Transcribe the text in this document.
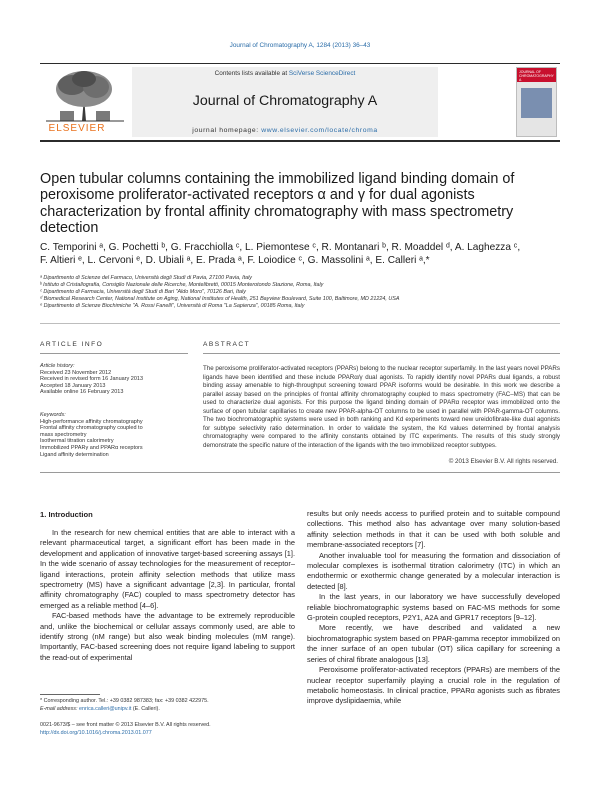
Journal of Chromatography A, 1284 (2013) 36–43
Contents lists available at SciVerse ScienceDirect
Journal of Chromatography A
journal homepage: www.elsevier.com/locate/chroma
ELSEVIER
JOURNAL OF CHROMATOGRAPHY A
Open tubular columns containing the immobilized ligand binding domain of peroxisome proliferator-activated receptors α and γ for dual agonists characterization by frontal affinity chromatography with mass spectrometry detection
C. Temporini ᵃ, G. Pochetti ᵇ, G. Fracchiolla ᶜ, L. Piemontese ᶜ, R. Montanari ᵇ, R. Moaddel ᵈ, A. Laghezza ᶜ,
F. Altieri ᵉ, L. Cervoni ᵉ, D. Ubiali ᵃ, E. Prada ᵃ, F. Loiodice ᶜ, G. Massolini ᵃ, E. Calleri ᵃ,*
ᵃ Dipartimento di Scienze del Farmaco, Università degli Studi di Pavia, 27100 Pavia, Italy
ᵇ Istituto di Cristallografia, Consiglio Nazionale delle Ricerche, Montelibretti, 00015 Monterotondo Stazione, Roma, Italy
ᶜ Dipartimento di Farmacia, Università degli Studi di Bari "Aldo Moro", 70126 Bari, Italy
ᵈ Biomedical Research Center, National Institute on Aging, National Institutes of Health, 251 Bayview Boulevard, Suite 100, Baltimore, MD 21224, USA
ᵉ Dipartimento di Scienze Biochimiche "A. Rossi Fanelli", Università di Roma "La Sapienza", 00185 Roma, Italy
ARTICLE INFO
Article history:
Received 23 November 2012
Received in revised form 16 January 2013
Accepted 18 January 2013
Available online 16 February 2013
Keywords:
High-performance affinity chromatography
Frontal affinity chromatography coupled to
mass spectrometry
Isothermal titration calorimetry
Immobilized PPARγ and PPARα receptors
Ligand affinity determination
ABSTRACT
The peroxisome proliferator-activated receptors (PPARs) belong to the nuclear receptor superfamily. In the last years novel PPARs ligands have been identified and these include PPARα/γ dual agonists. To rapidly identify novel PPARs dual ligands, a robust binding assay amenable to high-throughput screening toward PPAR isoforms would be desirable. In this work we describe a parallel assay based on the principles of frontal affinity chromatography coupled to mass spectrometry (FAC–MS) that can be used to characterize dual agonists. For this purpose the ligand binding domain of PPARα receptor was immobilized onto the surface of open tubular capillaries to create new PPAR-alpha-OT columns to be used in parallel with PPAR-gamma-OT columns. The two biochromatographic systems were used in both ranking and Kd experiments toward new ureidofibrate-like dual agonists for subtype selectivity ratio determination. In order to validate the system, the Kd values determined by frontal analysis chromatography were compared to the affinity constants obtained by ITC experiments. The results of this study strongly demonstrate the specific nature of the interaction of the ligands with the two immobilized receptor subtypes.
© 2013 Elsevier B.V. All rights reserved.
1. Introduction

In the research for new chemical entities that are able to interact with a relevant pharmaceutical target, a significant effort has been made in the development and application of innovative target-based screening assays [1]. In the wide scenario of assay technologies for the measurement of receptor–ligand interactions, protein affinity selection methods that utilize mass spectrometry (MS) have a significant advantage [2,3]. In particular, frontal affinity chromatography (FAC) coupled to mass spectrometry detector has emerged as a reliable method [4–6].

FAC-based methods have the advantage to be extremely reproducible and, unlike the biochemical or cellular assays commonly used, are able to identify strong (nM range) but also weak binding molecules (mM range). Importantly, FAC-based screening does not require ligand labeling to support the read-out of experimental

results but only needs access to purified protein and to suitable compound collections. This method also has advantage over many solution-based affinity selection methods in that it can be used with both soluble and membrane-associated receptors [7].

Another invaluable tool for measuring the formation and dissociation of molecular complexes is isothermal titration calorimetry (ITC) in which an endothermic or exothermic change generated by a molecular interaction is detected [8].

In the last years, in our laboratory we have successfully developed reliable biochromatographic systems based on FAC-MS methods for some G-protein coupled receptors, P2Y1, A2A and GPR17 receptors [9–12].

More recently, we have described and validated a new biochromatographic system based on PPAR-gamma receptor immobilized on the inner surface of an open tubular (OT) silica capillary for screening a series of chiral fibrate analogous [13].

Peroxisome proliferator-activated receptors (PPARs) are members of the nuclear receptor superfamily playing a crucial role in the regulation of metabolic homeostasis. In clinical practice, PPARα agonists such as fibrates improve dyslipidaemia, while

* Corresponding author. Tel.: +39 0382 987383; fax: +39 0382 422975.
E-mail address: enrica.calleri@unipv.it (E. Calleri).
0021-9673/$ – see front matter © 2013 Elsevier B.V. All rights reserved.
http://dx.doi.org/10.1016/j.chroma.2013.01.077
